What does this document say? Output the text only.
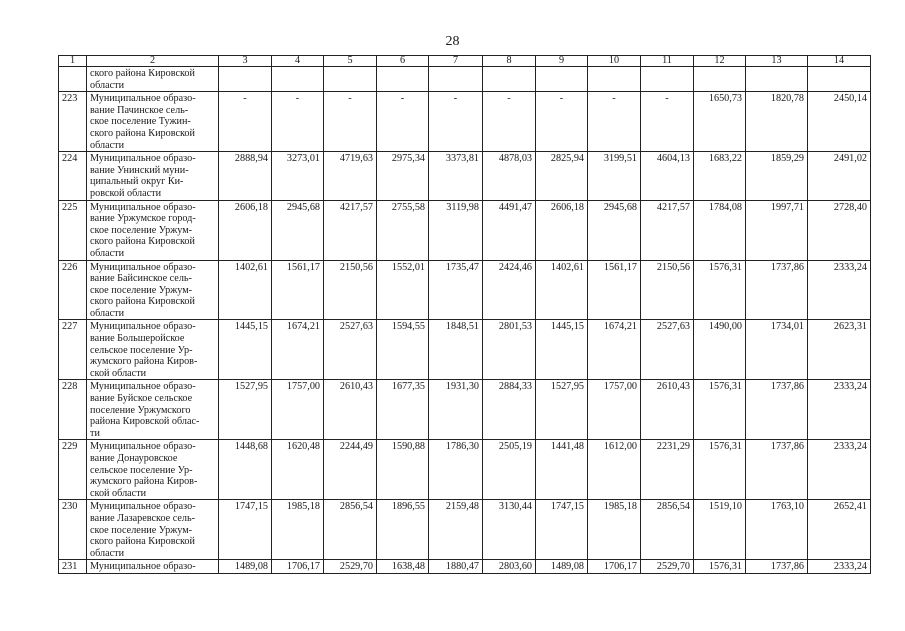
28
1	2	3	4	5	6	7	8	9	10	11	12	13	14

	ского района Кировской
области												

223	Муниципальное образо-
вание Пачинское сель-
ское поселение Тужин-
ского района Кировской
области	-	-	-	-	-	-	-	-	-	1650,73	1820,78	2450,14
224	Муниципальное образо-
вание Унинский муни-
ципальный округ Ки-
ровской области	2888,94	3273,01	4719,63	2975,34	3373,81	4878,03	2825,94	3199,51	4604,13	1683,22	1859,29	2491,02
225	Муниципальное образо-
вание Уржумское город-
ское поселение Уржум-
ского района Кировской
области	2606,18	2945,68	4217,57	2755,58	3119,98	4491,47	2606,18	2945,68	4217,57	1784,08	1997,71	2728,40
226	Муниципальное образо-
вание Байсинское сель-
ское поселение Уржум-
ского района Кировской
области	1402,61	1561,17	2150,56	1552,01	1735,47	2424,46	1402,61	1561,17	2150,56	1576,31	1737,86	2333,24
227	Муниципальное образо-
вание Большеройское
сельское поселение Ур-
жумского района Киров-
ской области	1445,15	1674,21	2527,63	1594,55	1848,51	2801,53	1445,15	1674,21	2527,63	1490,00	1734,01	2623,31
228	Муниципальное образо-
вание Буйское сельское
поселение Уржумского
района Кировской облас-
ти	1527,95	1757,00	2610,43	1677,35	1931,30	2884,33	1527,95	1757,00	2610,43	1576,31	1737,86	2333,24
229	Муниципальное образо-
вание Донауровское
сельское поселение Ур-
жумского района Киров-
ской области	1448,68	1620,48	2244,49	1590,88	1786,30	2505,19	1441,48	1612,00	2231,29	1576,31	1737,86	2333,24
230	Муниципальное образо-
вание Лазаревское сель-
ское поселение Уржум-
ского района Кировской
области	1747,15	1985,18	2856,54	1896,55	2159,48	3130,44	1747,15	1985,18	2856,54	1519,10	1763,10	2652,41
231	Муниципальное образо-	1489,08	1706,17	2529,70	1638,48	1880,47	2803,60	1489,08	1706,17	2529,70	1576,31	1737,86	2333,24
